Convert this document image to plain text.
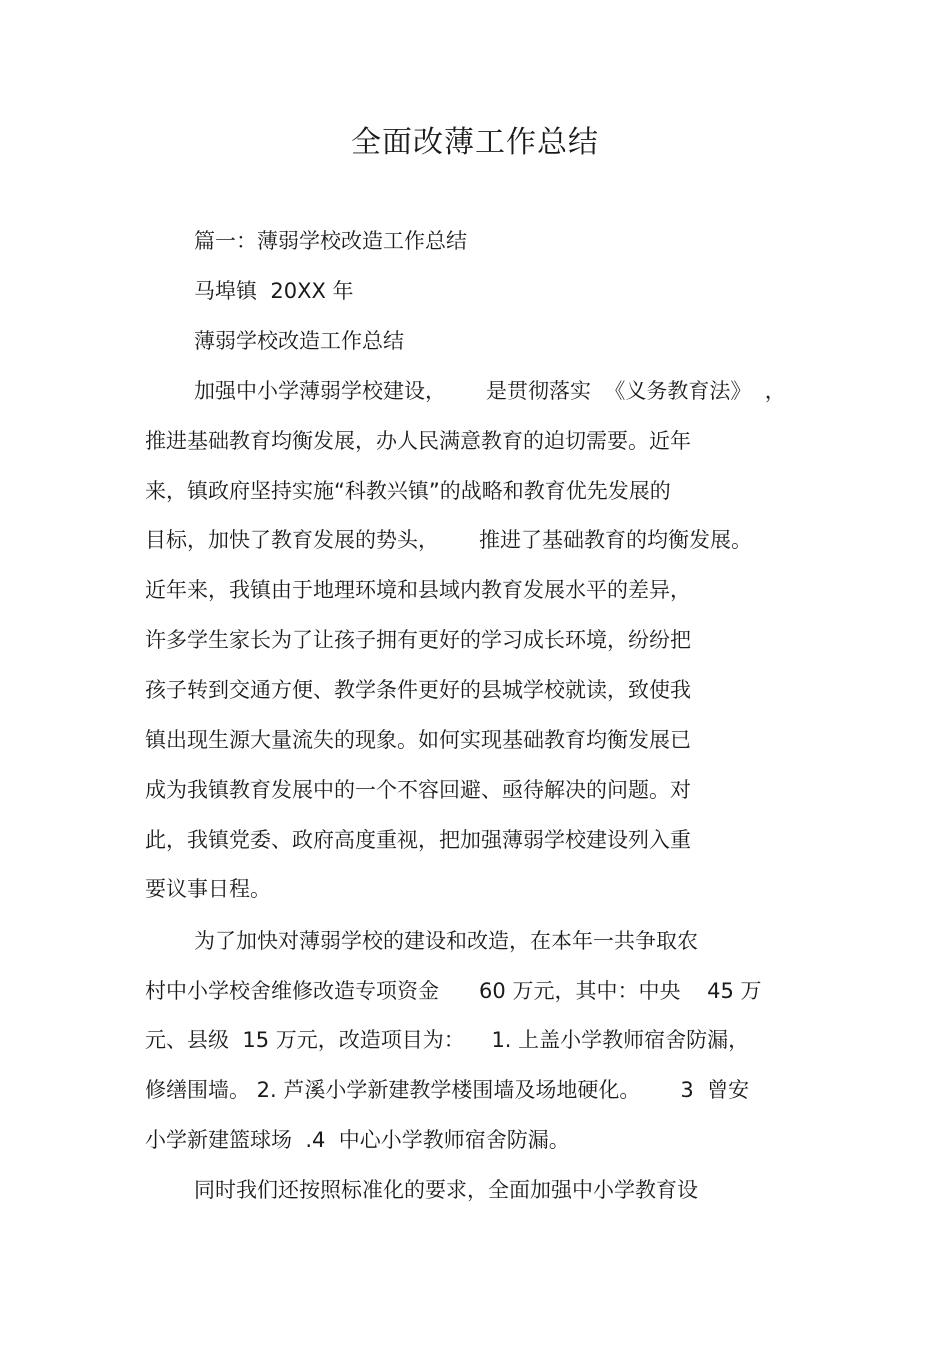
全面改薄工作总结
篇一：薄弱学校改造工作总结
马埠镇  20XX 年
薄弱学校改造工作总结
加强中小学薄弱学校建设，      是贯彻落实  《义务教育法》  ，
推进基础教育均衡发展，办人民满意教育的迫切需要。近年
来，镇政府坚持实施“科教兴镇”的战略和教育优先发展的
目标，加快了教育发展的势头，      推进了基础教育的均衡发展。
近年来，我镇由于地理环境和县域内教育发展水平的差异，
许多学生家长为了让孩子拥有更好的学习成长环境，纷纷把
孩子转到交通方便、教学条件更好的县城学校就读，致使我
镇出现生源大量流失的现象。如何实现基础教育均衡发展已
成为我镇教育发展中的一个不容回避、亟待解决的问题。对
此，我镇党委、政府高度重视，把加强薄弱学校建设列入重
要议事日程。
为了加快对薄弱学校的建设和改造，在本年一共争取农
村中小学校舍维修改造专项资金      60 万元，其中：中央    45 万
元、县级  15 万元，改造项目为：    1. 上盖小学教师宿舍防漏，
修缮围墙。 2. 芦溪小学新建教学楼围墙及场地硬化。      3  曾安
小学新建篮球场  .4  中心小学教师宿舍防漏。
同时我们还按照标准化的要求，全面加强中小学教育设
